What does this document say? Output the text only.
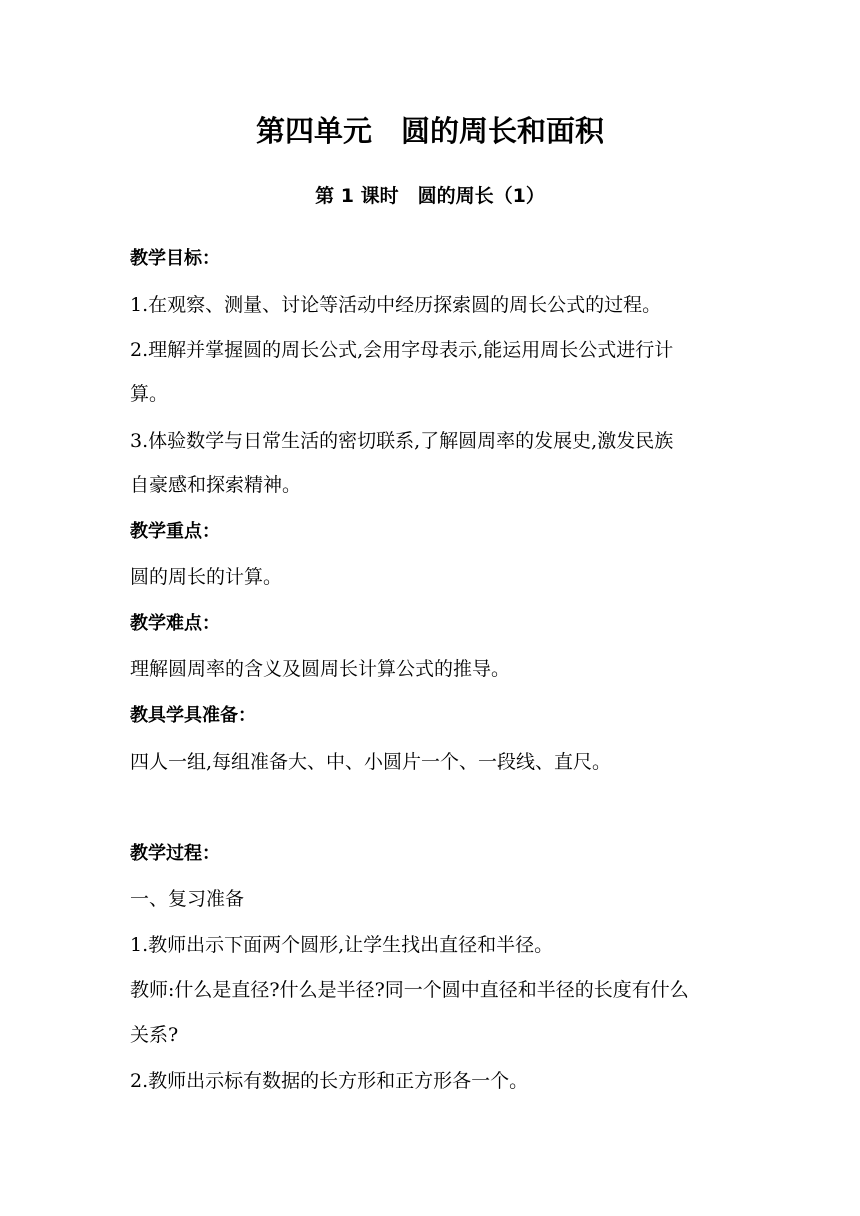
第四单元　圆的周长和面积
第 1 课时　圆的周长（1）
教学目标：
1.在观察、测量、讨论等活动中经历探索圆的周长公式的过程。
2.理解并掌握圆的周长公式,会用字母表示,能运用周长公式进行计
算。
3.体验数学与日常生活的密切联系,了解圆周率的发展史,激发民族
自豪感和探索精神。
教学重点：
圆的周长的计算。
教学难点：
理解圆周率的含义及圆周长计算公式的推导。
教具学具准备：
四人一组,每组准备大、中、小圆片一个、一段线、直尺。
教学过程：
一、复习准备
1.教师出示下面两个圆形,让学生找出直径和半径。
教师:什么是直径?什么是半径?同一个圆中直径和半径的长度有什么
关系?
2.教师出示标有数据的长方形和正方形各一个。
